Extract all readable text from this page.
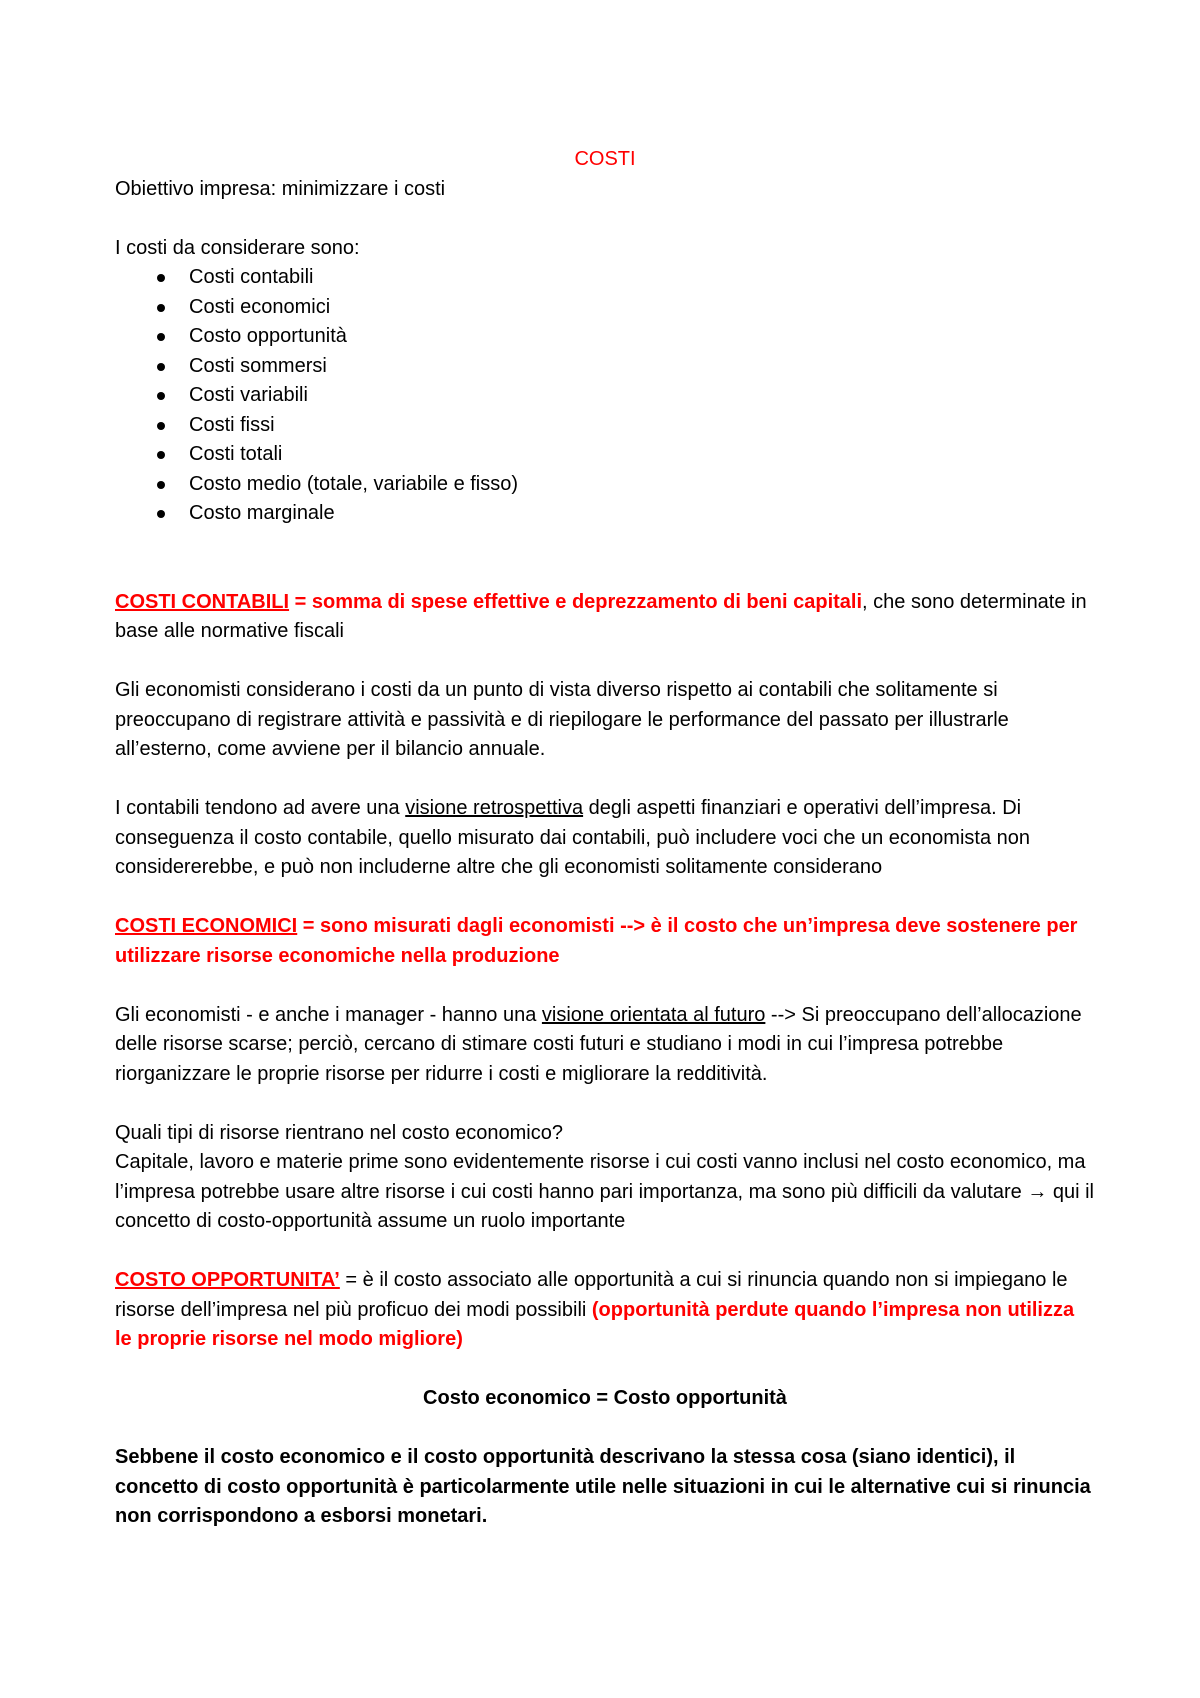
COSTI

Obiettivo impresa: minimizzare i costi

I costi da considerare sono:

Costi contabili
Costi economici
Costo opportunità
Costi sommersi
Costi variabili
Costi fissi
Costi totali
Costo medio (totale, variabile e fisso)
Costo marginale

COSTI CONTABILI = somma di spese effettive e deprezzamento di beni capitali, che sono determinate in base alle normative fiscali

Gli economisti considerano i costi da un punto di vista diverso rispetto ai contabili che solitamente si preoccupano di registrare attività e passività e di riepilogare le performance del passato per illustrarle all’esterno, come avviene per il bilancio annuale.

I contabili tendono ad avere una visione retrospettiva degli aspetti finanziari e operativi dell’impresa. Di conseguenza il costo contabile, quello misurato dai contabili, può includere voci che un economista non considererebbe, e può non includerne altre che gli economisti solitamente considerano

COSTI ECONOMICI = sono misurati dagli economisti --> è il costo che un’impresa deve sostenere per utilizzare risorse economiche nella produzione

Gli economisti - e anche i manager - hanno una visione orientata al futuro --> Si preoccupano dell’allocazione delle risorse scarse; perciò, cercano di stimare costi futuri e studiano i modi in cui l’impresa potrebbe riorganizzare le proprie risorse per ridurre i costi e migliorare la redditività.

Quali tipi di risorse rientrano nel costo economico?

Capitale, lavoro e materie prime sono evidentemente risorse i cui costi vanno inclusi nel costo economico, ma l’impresa potrebbe usare altre risorse i cui costi hanno pari importanza, ma sono più difficili da valutare → qui il concetto di costo-opportunità assume un ruolo importante

COSTO OPPORTUNITA’ = è il costo associato alle opportunità a cui si rinuncia quando non si impiegano le risorse dell’impresa nel più proficuo dei modi possibili (opportunità perdute quando l’impresa non utilizza le proprie risorse nel modo migliore)

Costo economico = Costo opportunità

Sebbene il costo economico e il costo opportunità descrivano la stessa cosa (siano identici), il concetto di costo opportunità è particolarmente utile nelle situazioni in cui le alternative cui si rinuncia non corrispondono a esborsi monetari.
